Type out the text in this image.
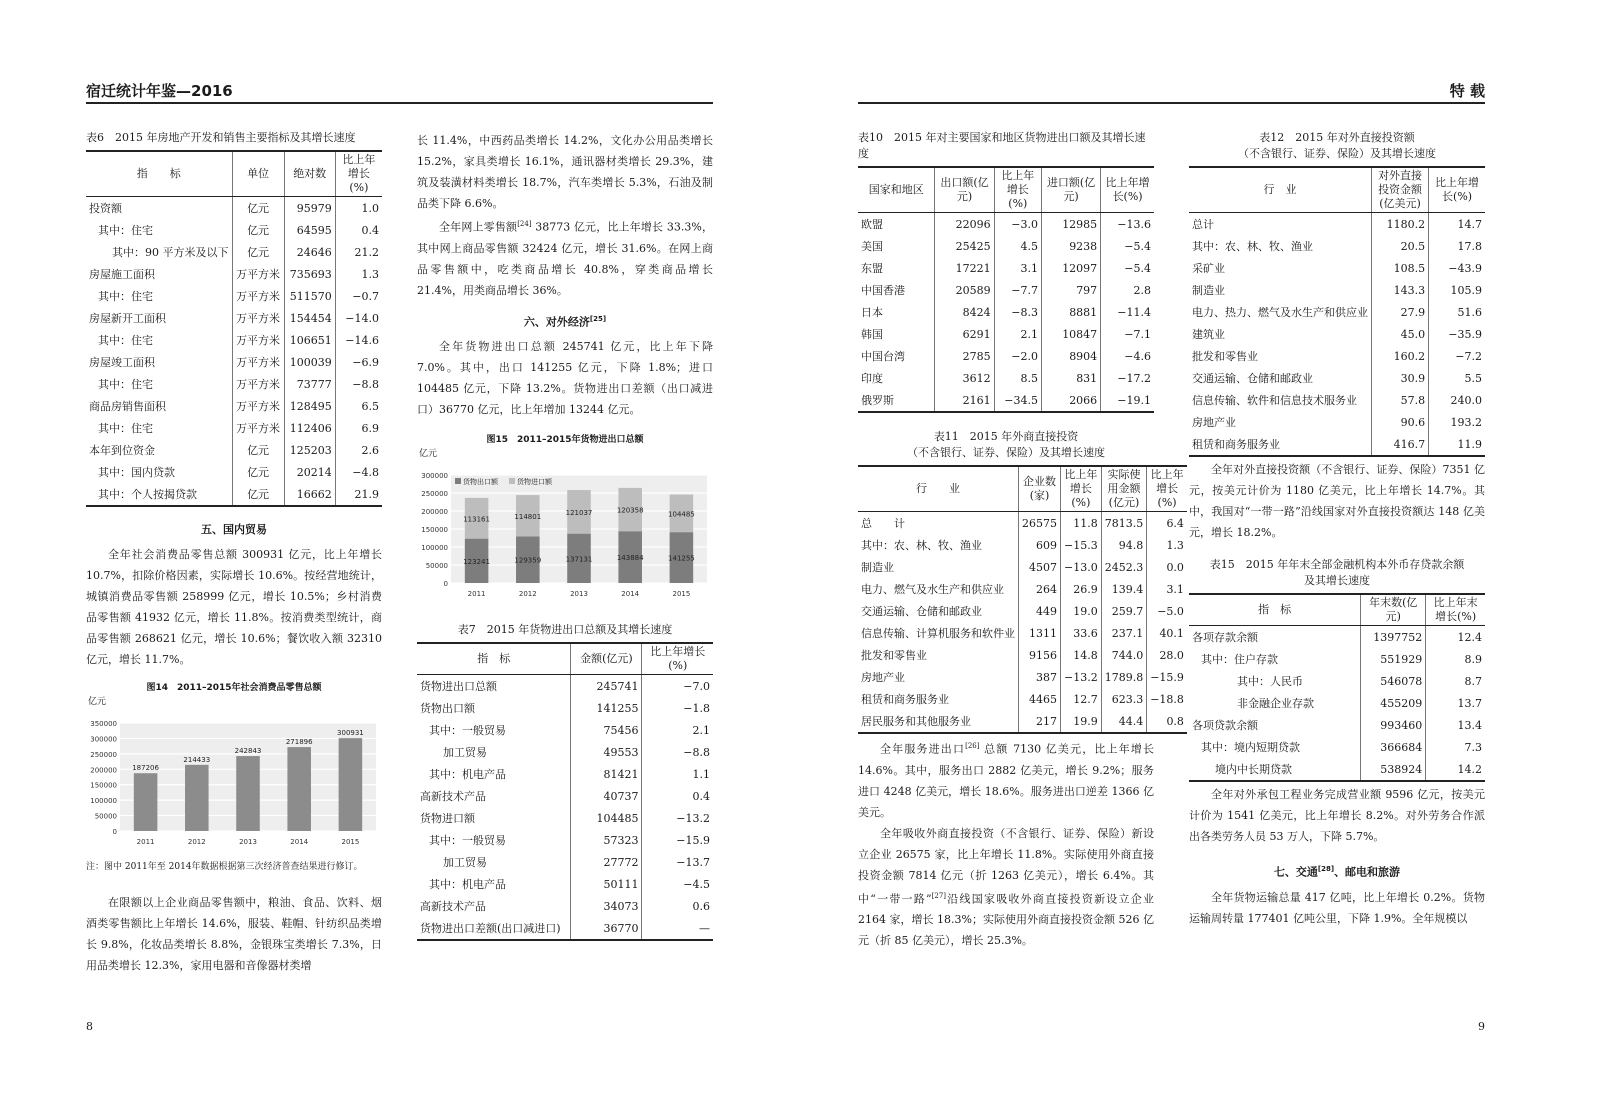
宿迁统计年鉴—2016	特 载

表6　2015 年房地产开发和销售主要指标及其增长速度

指　　标	单位	绝对数	比上年增长(%)
投资额	亿元	95979	1.0
其中：住宅	亿元	64595	0.4
其中：90 平方米及以下	亿元	24646	21.2
房屋施工面积	万平方米	735693	1.3
其中：住宅	万平方米	511570	−0.7
房屋新开工面积	万平方米	154454	−14.0
其中：住宅	万平方米	106651	−14.6
房屋竣工面积	万平方米	100039	−6.9
其中：住宅	万平方米	73777	−8.8
商品房销售面积	万平方米	128495	6.5
其中：住宅	万平方米	112406	6.9
本年到位资金	亿元	125203	2.6
其中：国内贷款	亿元	20214	−4.8
其中：个人按揭贷款	亿元	16662	21.9
五、国内贸易

全年社会消费品零售总额 300931 亿元，比上年增长 10.7%，扣除价格因素，实际增长 10.6%。按经营地统计，城镇消费品零售额 258999 亿元，增长 10.5%；乡村消费品零售额 41932 亿元，增长 11.8%。按消费类型统计，商品零售额 268621 亿元，增长 10.6%；餐饮收入额 32310 亿元，增长 11.7%。

图14　2011–2015年社会消费品零售总额

亿元
350000
300000
250000
200000
150000
100000
50000
0
2011
187206
2012
214433
2013
242843
2014
271896
2015
300931

注：图中 2011年至 2014年数据根据第三次经济普查结果进行修订。

在限额以上企业商品零售额中，粮油、食品、饮料、烟酒类零售额比上年增长 14.6%，服装、鞋帽、针纺织品类增长 9.8%，化妆品类增长 8.8%，金银珠宝类增长 7.3%，日用品类增长 12.3%，家用电器和音像器材类增

长 11.4%，中西药品类增长 14.2%，文化办公用品类增长 15.2%，家具类增长 16.1%，通讯器材类增长 29.3%，建筑及装潢材料类增长 18.7%，汽车类增长 5.3%，石油及制品类下降 6.6%。

全年网上零售额[24] 38773 亿元，比上年增长 33.3%，其中网上商品零售额 32424 亿元，增长 31.6%。在网上商品零售额中，吃类商品增长 40.8%，穿类商品增长 21.4%，用类商品增长 36%。

六、对外经济[25]

全年货物进出口总额 245741 亿元，比上年下降 7.0%。其中，出口 141255 亿元，下降 1.8%；进口 104485 亿元，下降 13.2%。货物进出口差额（出口减进口）36770 亿元，比上年增加 13244 亿元。

图15　2011–2015年货物进出口总额

亿元
300000
250000
200000
150000
100000
50000
0
2011
123241
113161
2012
129359
114801
2013
137131
121037
2014
143884
120358
2015
141255
104485
货物出口额	货物进口额

表7　2015 年货物进出口总额及其增长速度

指　标	金额(亿元)	比上年增长(%)
货物进出口总额	245741	−7.0
货物出口额	141255	−1.8
其中：一般贸易	75456	2.1
加工贸易	49553	−8.8
其中：机电产品	81421	1.1
高新技术产品	40737	0.4
货物进口额	104485	−13.2
其中：一般贸易	57323	−15.9
加工贸易	27772	−13.7
其中：机电产品	50111	−4.5
高新技术产品	34073	0.6
货物进出口差额(出口减进口)	36770	—

表10　2015 年对主要国家和地区货物进出口额及其增长速度

国家和地区	出口额(亿元)	比上年增长(%)	进口额(亿元)	比上年增长(%)
欧盟	22096	−3.0	12985	−13.6
美国	25425	4.5	9238	−5.4
东盟	17221	3.1	12097	−5.4
中国香港	20589	−7.7	797	2.8
日本	8424	−8.3	8881	−11.4
韩国	6291	2.1	10847	−7.1
中国台湾	2785	−2.0	8904	−4.6
印度	3612	8.5	831	−17.2
俄罗斯	2161	−34.5	2066	−19.1

表11　2015 年外商直接投资

（不含银行、证券、保险）及其增长速度

行　　业	企业数(家)	比上年增长(%)	实际使用金额(亿元)	比上年增长(%)
总　　计	26575	11.8	7813.5	6.4
其中：农、林、牧、渔业	609	−15.3	94.8	1.3
制造业	4507	−13.0	2452.3	0.0
电力、燃气及水生产和供应业	264	26.9	139.4	3.1
交通运输、仓储和邮政业	449	19.0	259.7	−5.0
信息传输、计算机服务和软件业	1311	33.6	237.1	40.1
批发和零售业	9156	14.8	744.0	28.0
房地产业	387	−13.2	1789.8	−15.9
租赁和商务服务业	4465	12.7	623.3	−18.8
居民服务和其他服务业	217	19.9	44.4	0.8

全年服务进出口[26] 总额 7130 亿美元，比上年增长 14.6%。其中，服务出口 2882 亿美元，增长 9.2%；服务进口 4248 亿美元，增长 18.6%。服务进出口逆差 1366 亿美元。

全年吸收外商直接投资（不含银行、证券、保险）新设立企业 26575 家，比上年增长 11.8%。实际使用外商直接投资金额 7814 亿元（折 1263 亿美元），增长 6.4%。其中“一带一路”[27]沿线国家吸收外商直接投资新设立企业 2164 家，增长 18.3%；实际使用外商直接投资金额 526 亿元（折 85 亿美元），增长 25.3%。

表12　2015 年对外直接投资额

（不含银行、证券、保险）及其增长速度

行　业	对外直接投资金额(亿美元)	比上年增长(%)
总计	1180.2	14.7
其中：农、林、牧、渔业	20.5	17.8
采矿业	108.5	−43.9
制造业	143.3	105.9
电力、热力、燃气及水生产和供应业	27.9	51.6
建筑业	45.0	−35.9
批发和零售业	160.2	−7.2
交通运输、仓储和邮政业	30.9	5.5
信息传输、软件和信息技术服务业	57.8	240.0
房地产业	90.6	193.2
租赁和商务服务业	416.7	11.9

全年对外直接投资额（不含银行、证券、保险）7351 亿元，按美元计价为 1180 亿美元，比上年增长 14.7%。其中，我国对“一带一路”沿线国家对外直接投资额达 148 亿美元，增长 18.2%。

表15　2015 年年末全部金融机构本外币存贷款余额

及其增长速度

指　标	年末数(亿元)	比上年末增长(%)
各项存款余额	1397752	12.4
其中：住户存款	551929	8.9
其中：人民币	546078	8.7
非金融企业存款	455209	13.7
各项贷款余额	993460	13.4
其中：境内短期贷款	366684	7.3
境内中长期贷款	538924	14.2

全年对外承包工程业务完成营业额 9596 亿元，按美元计价为 1541 亿美元，比上年增长 8.2%。对外劳务合作派出各类劳务人员 53 万人，下降 5.7%。

七、交通[28]、邮电和旅游

全年货物运输总量 417 亿吨，比上年增长 0.2%。货物运输周转量 177401 亿吨公里，下降 1.9%。全年规模以

8	9
